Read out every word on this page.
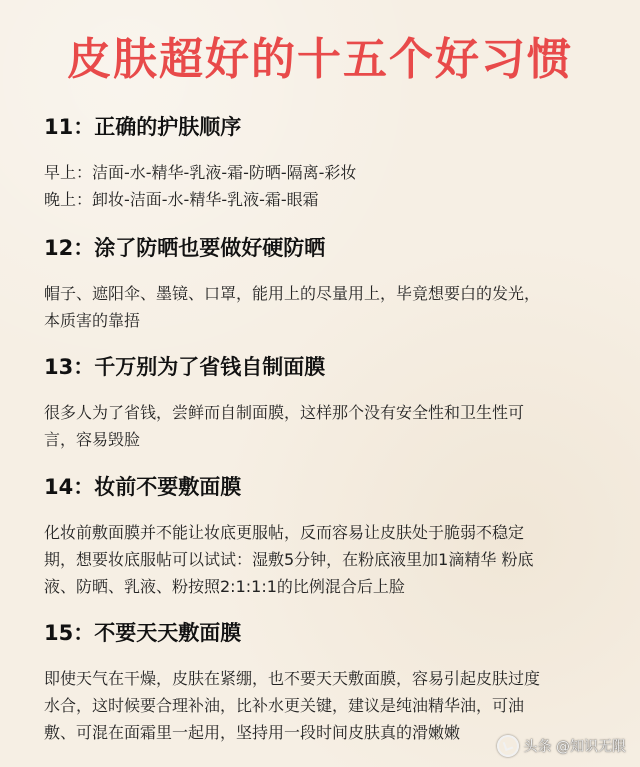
皮肤超好的十五个好习惯
11：正确的护肤顺序
早上：洁面-水-精华-乳液-霜-防晒-隔离-彩妆
晚上：卸妆-洁面-水-精华-乳液-霜-眼霜
12：涂了防晒也要做好硬防晒
帽子、遮阳伞、墨镜、口罩，能用上的尽量用上，毕竟想要白的发光，
本质害的靠捂
13：千万别为了省钱自制面膜
很多人为了省钱，尝鲜而自制面膜，这样那个没有安全性和卫生性可
言，容易毁脸
14：妆前不要敷面膜
化妆前敷面膜并不能让妆底更服帖，反而容易让皮肤处于脆弱不稳定
期，想要妆底服帖可以试试：湿敷5分钟，在粉底液里加1滴精华 粉底
液、防晒、乳液、粉按照2:1:1:1的比例混合后上脸
15：不要天天敷面膜
即使天气在干燥，皮肤在紧绷，也不要天天敷面膜，容易引起皮肤过度
水合，这时候要合理补油，比补水更关键，建议是纯油精华油，可油
敷、可混在面霜里一起用，坚持用一段时间皮肤真的滑嫩嫩
头条 @知识无限
